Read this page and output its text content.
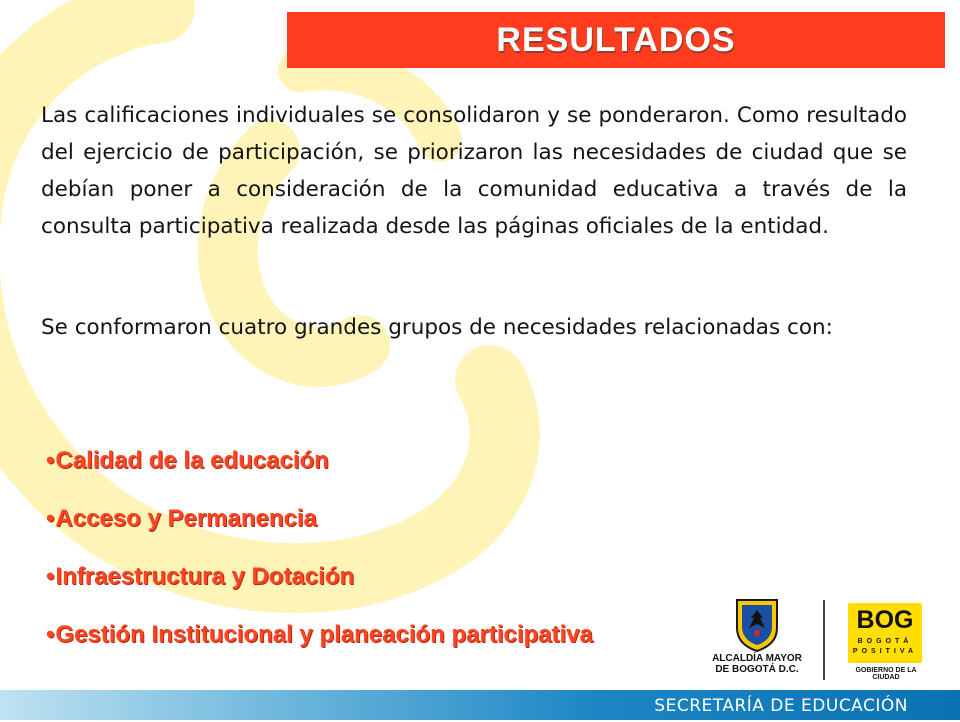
RESULTADOS
Las calificaciones individuales se consolidaron y se ponderaron. Como resultado del ejercicio de participación, se priorizaron las necesidades de ciudad que se debían poner a consideración de la comunidad educativa a través de la consulta participativa realizada desde las páginas oficiales de la entidad.
Se conformaron cuatro grandes grupos de necesidades relacionadas con:
•Calidad de la educación
•Acceso y Permanencia
•Infraestructura y Dotación
•Gestión Institucional y planeación participativa
ALCALDÍA MAYOR
DE BOGOTÁ D.C.
BOG
BOGOTÁ
POSITIVA
GOBIERNO DE LA CIUDAD
SECRETARÍA DE EDUCACIÓN
